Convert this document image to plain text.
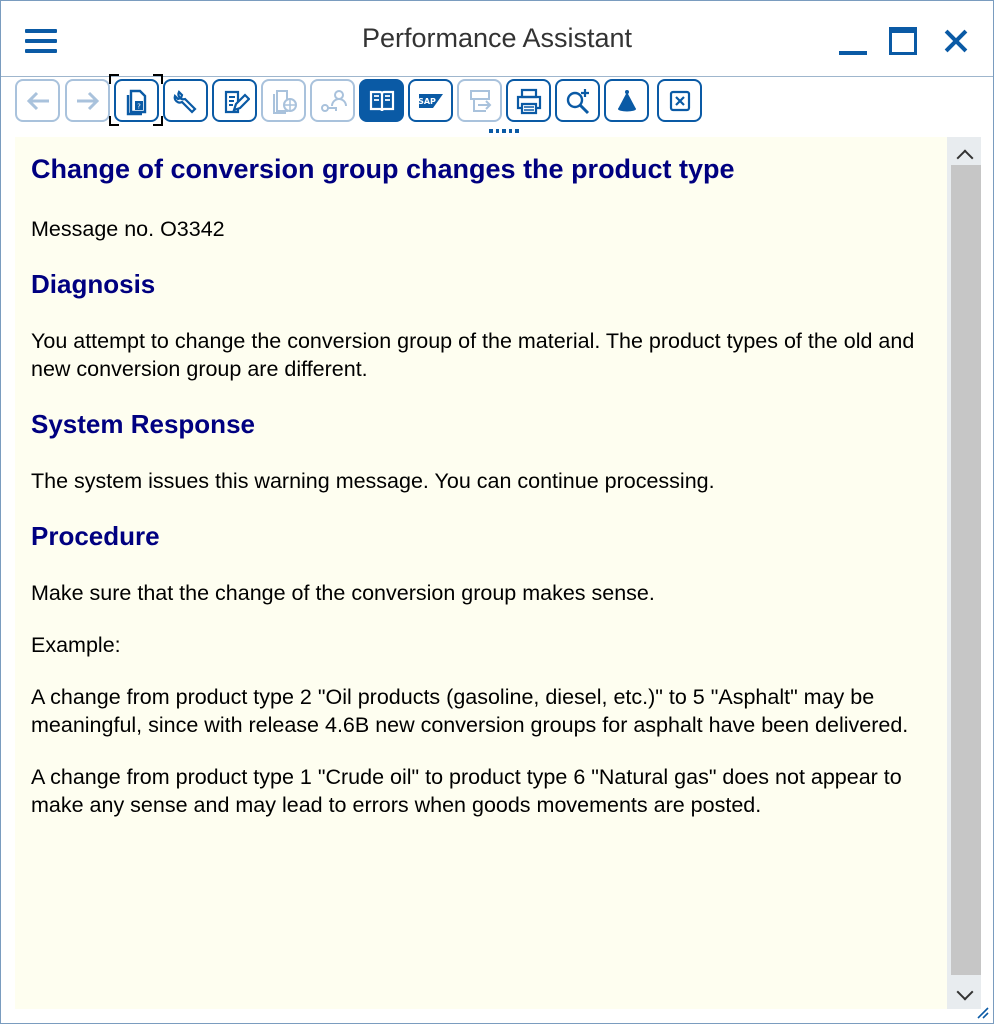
Performance Assistant
?
SAP
Change of conversion group changes the product type

Message no. O3342

Diagnosis

You attempt to change the conversion group of the material. The product types of the old and new conversion group are different.

System Response

The system issues this warning message. You can continue processing.

Procedure

Make sure that the change of the conversion group makes sense.

Example:

A change from product type 2 "Oil products (gasoline, diesel, etc.)" to 5 "Asphalt" may be meaningful, since with release 4.6B new conversion groups for asphalt have been delivered.

A change from product type 1 "Crude oil" to product type 6 "Natural gas" does not appear to make any sense and may lead to errors when goods movements are posted.
